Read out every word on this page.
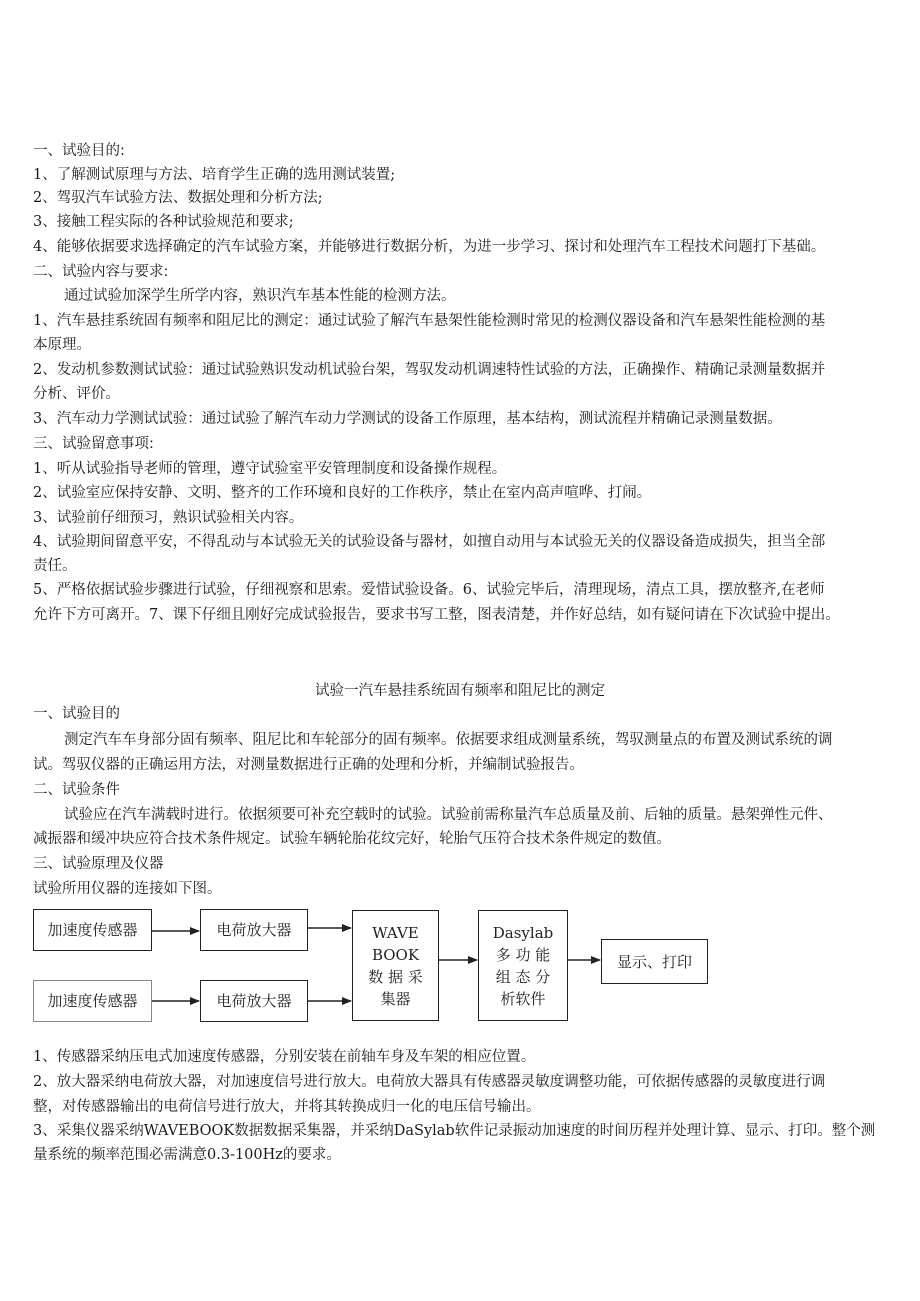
一、试验目的:
1、了解测试原理与方法、培育学生正确的选用测试装置;
2、驾驭汽车试验方法、数据处理和分析方法;
3、接触工程实际的各种试验规范和要求;
4、能够依据要求选择确定的汽车试验方案，并能够进行数据分析，为进一步学习、探讨和处理汽车工程技术问题打下基础。
二、试验内容与要求:
通过试验加深学生所学内容，熟识汽车基本性能的检测方法。
1、汽车悬挂系统固有频率和阻尼比的测定：通过试验了解汽车悬架性能检测时常见的检测仪器设备和汽车悬架性能检测的基
本原理。
2、发动机参数测试试验：通过试验熟识发动机试验台架，驾驭发动机调速特性试验的方法，正确操作、精确记录测量数据并
分析、评价。
3、汽车动力学测试试验：通过试验了解汽车动力学测试的设备工作原理，基本结构，测试流程并精确记录测量数据。
三、试验留意事项:
1、听从试验指导老师的管理，遵守试验室平安管理制度和设备操作规程。
2、试验室应保持安静、文明、整齐的工作环境和良好的工作秩序，禁止在室内高声喧哗、打闹。
3、试验前仔细预习，熟识试验相关内容。
4、试验期间留意平安，不得乱动与本试验无关的试验设备与器材，如擅自动用与本试验无关的仪器设备造成损失，担当全部
责任。
5、严格依据试验步骤进行试验，仔细视察和思索。爱惜试验设备。6、试验完毕后，清理现场，清点工具，摆放整齐,在老师
允许下方可离开。7、课下仔细且刚好完成试验报告，要求书写工整，图表清楚，并作好总结，如有疑问请在下次试验中提出。
试验一汽车悬挂系统固有频率和阻尼比的测定
一、试验目的
测定汽车车身部分固有频率、阻尼比和车轮部分的固有频率。依据要求组成测量系统，驾驭测量点的布置及测试系统的调
试。驾驭仪器的正确运用方法，对测量数据进行正确的处理和分析，并编制试验报告。
二、试验条件
试验应在汽车满载时进行。依据须要可补充空载时的试验。试验前需称量汽车总质量及前、后轴的质量。悬架弹性元件、
减振器和缓冲块应符合技术条件规定。试验车辆轮胎花纹完好，轮胎气压符合技术条件规定的数值。
三、试验原理及仪器
试验所用仪器的连接如下图。
加速度传感器
加速度传感器
电荷放大器
电荷放大器
WAVE
BOOK
数 据 采
集器
Dasylab
多 功 能
组 态 分
析软件
显示、打印
1、传感器采纳压电式加速度传感器，分别安装在前轴车身及车架的相应位置。
2、放大器采纳电荷放大器，对加速度信号进行放大。电荷放大器具有传感器灵敏度调整功能，可依据传感器的灵敏度进行调
整，对传感器输出的电荷信号进行放大，并将其转换成归一化的电压信号输出。
3、采集仪器采纳WAVEBOOK数据数据采集器，并采纳DaSylab软件记录振动加速度的时间历程并处理计算、显示、打印。整个测
量系统的频率范围必需满意0.3-100Hz的要求。
